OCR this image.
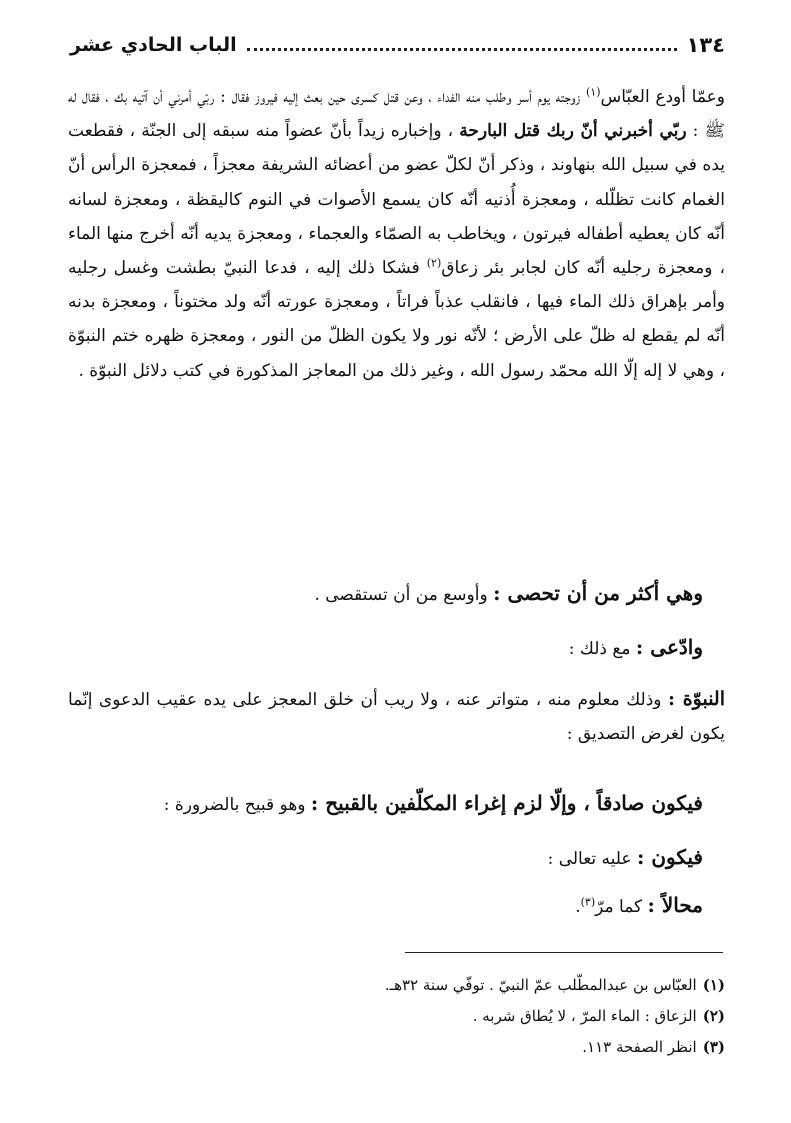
١٣٤
الباب الحادي عشر

وعمّا أودع العبّاس$^{(١)}$ زوجته يوم أسر وطلب منه الفداء ، وعن قتل كسرى حين بعث إليه فيروز فقال : ربّي أمرني أن آتيه بك ، فقال له ﷺ : ربّي أخبرني أنّ ربك قتل البارحة ، وإخباره زيداً بأنّ عضواً منه سبقه إلى الجنّة ، فقطعت يده في سبيل الله بنهاوند ، وذكر أنّ لكلّ عضو من أعضائه الشريفة معجزاً ، فمعجزة الرأس أنّ الغمام كانت تظلّله ، ومعجزة أُذنيه أنّه كان يسمع الأصوات في النوم كاليقظة ، ومعجزة لسانه أنّه كان يعطيه أطفاله فيرتون ، ويخاطب به الصمّاء والعجماء ، ومعجزة يديه أنّه أخرج منها الماء ، ومعجزة رجليه أنّه كان لجابر بئر زعاق$^{(٢)}$ فشكا ذلك إليه ، فدعا النبيّ بطشت وغسل رجليه وأمر بإهراق ذلك الماء فيها ، فانقلب عذباً فراتاً ، ومعجزة عورته أنّه ولد مختوناً ، ومعجزة بدنه أنّه لم يقطع له ظلّ على الأرض ؛ لأنّه نور ولا يكون الظلّ من النور ، ومعجزة ظهره ختم النبوّة ، وهي لا إله إلّا الله محمّد رسول الله ، وغير ذلك من المعاجز المذكورة في كتب دلائل النبوّة .

وهي أكثر من أن تحصى : وأوسع من أن تستقصى .

وادّعى : مع ذلك :

النبوّة : وذلك معلوم منه ، متواتر عنه ، ولا ريب أن خلق المعجز على يده عقيب الدعوى إنّما يكون لغرض التصديق :

فيكون صادقاً ، وإلّا لزم إغراء المكلّفين بالقبيح : وهو قبيح بالضرورة :

فيكون : عليه تعالى :

محالاً : كما مرّ$^{(٣)}$.

(١)
العبّاس بن عبدالمطّلب عمّ النبيّ . توفّي سنة ٣٢هـ.
(٢)
الزعاق : الماء المرّ ، لا يُطاق شربه .
(٣)
انظر الصفحة ١١٣.
